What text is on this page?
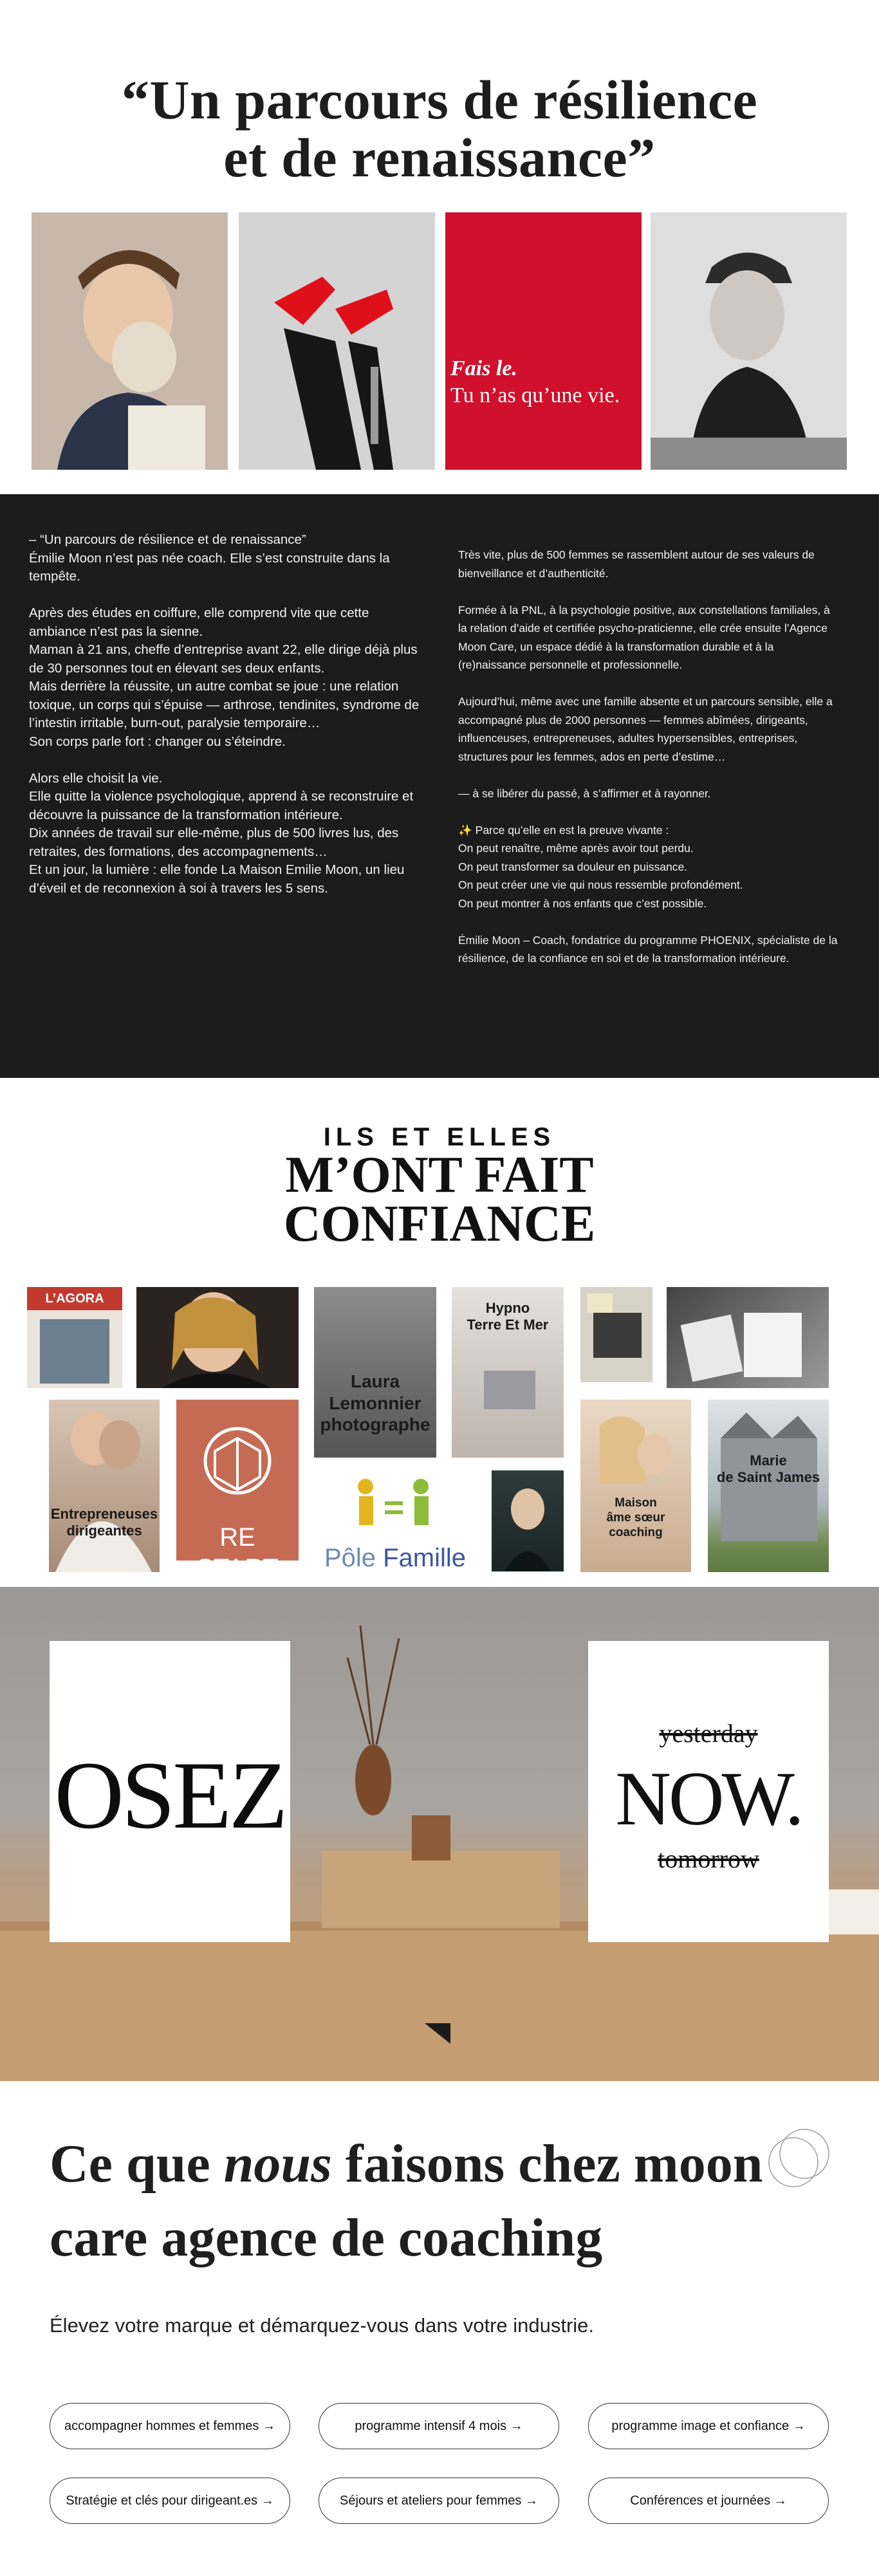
“Un parcours de résilience
et de renaissance”
Fais le.
Tu n’as qu’une vie.

– “Un parcours de résilience et de renaissance”
Émilie Moon n’est pas née coach. Elle s’est construite dans la tempête.

Après des études en coiffure, elle comprend vite que cette ambiance n’est pas la sienne.
Maman à 21 ans, cheffe d’entreprise avant 22, elle dirige déjà plus de 30 personnes tout en élevant ses deux enfants.
Mais derrière la réussite, un autre combat se joue : une relation toxique, un corps qui s’épuise — arthrose, tendinites, syndrome de l’intestin irritable, burn-out, paralysie temporaire…
Son corps parle fort : changer ou s’éteindre.

Alors elle choisit la vie.
Elle quitte la violence psychologique, apprend à se reconstruire et découvre la puissance de la transformation intérieure.
Dix années de travail sur elle-même, plus de 500 livres lus, des retraites, des formations, des accompagnements…
Et un jour, la lumière : elle fonde La Maison Emilie Moon, un lieu d’éveil et de reconnexion à soi à travers les 5 sens.

Très vite, plus de 500 femmes se rassemblent autour de ses valeurs de bienveillance et d’authenticité.

Formée à la PNL, à la psychologie positive, aux constellations familiales, à la relation d’aide et certifiée psycho-praticienne, elle crée ensuite l’Agence Moon Care, un espace dédié à la transformation durable et à la (re)naissance personnelle et professionnelle.

Aujourd’hui, même avec une famille absente et un parcours sensible, elle a accompagné plus de 2000 personnes — femmes abîmées, dirigeants, influenceuses, entrepreneuses, adultes hypersensibles, entreprises, structures pour les femmes, ados en perte d’estime…

— à se libérer du passé, à s’affirmer et à rayonner.

✨ Parce qu’elle en est la preuve vivante :
On peut renaître, même après avoir tout perdu.
On peut transformer sa douleur en puissance.
On peut créer une vie qui nous ressemble profondément.
On peut montrer à nos enfants que c’est possible.

Émilie Moon – Coach, fondatrice du programme PHOENIX, spécialiste de la résilience, de la confiance en soi et de la transformation intérieure.

ILS ET ELLES
M’ONT FAIT
CONFIANCE
L’AGORA
Laura
Lemonnier
photographe
Hypno
Terre Et Mer
Entrepreneuses
dirigeantes	RE START	Pôle Famille
Maison
âme sœur
coaching
Marie
de Saint James
OSEZ
yesterday
NOW.
tomorrow
Ce que nous faisons chez moon
care agence de coaching

Élevez votre marque et démarquez-vous dans votre industrie.

accompagner hommes et femmes →	programme intensif 4 mois →	programme image et confiance →
Stratégie et clés pour dirigeant.es →	Séjours et ateliers pour femmes →	Conférences et journées →
